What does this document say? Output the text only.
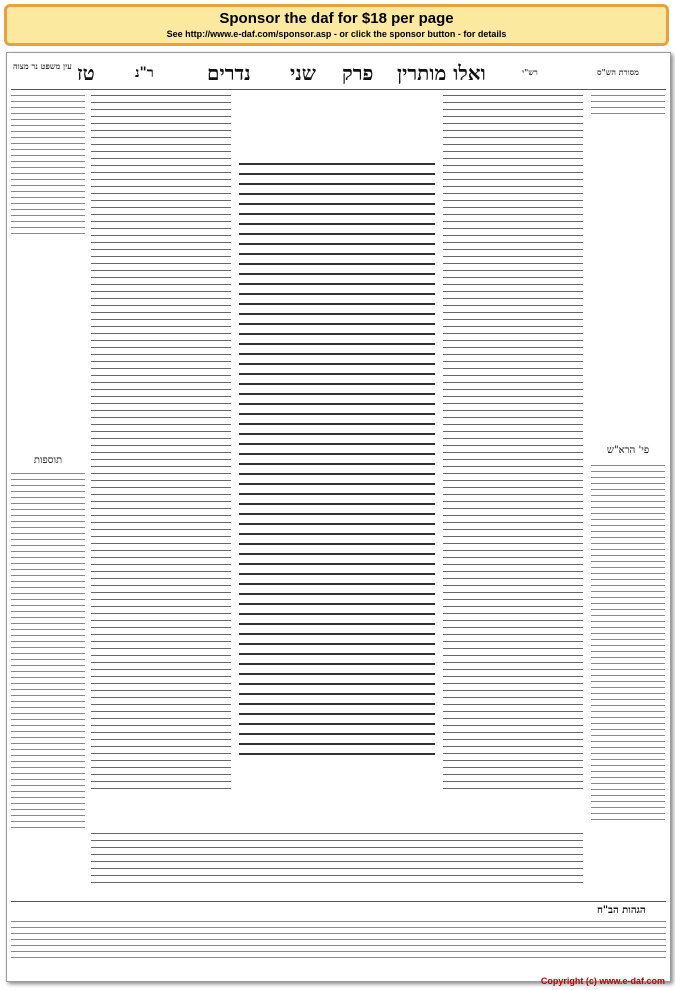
Sponsor the daf for $18 per page
See http://www.e-daf.com/sponsor.asp - or click the sponsor button - for details
עין משפט נר מצוה טז	ר"נ	נדרים שני פרק ואלו מותרין	רש"י	מסורת הש"ס
תוספות
פי' הרא"ש
הגהות הב"ח
Copyright (c) www.e-daf.com
